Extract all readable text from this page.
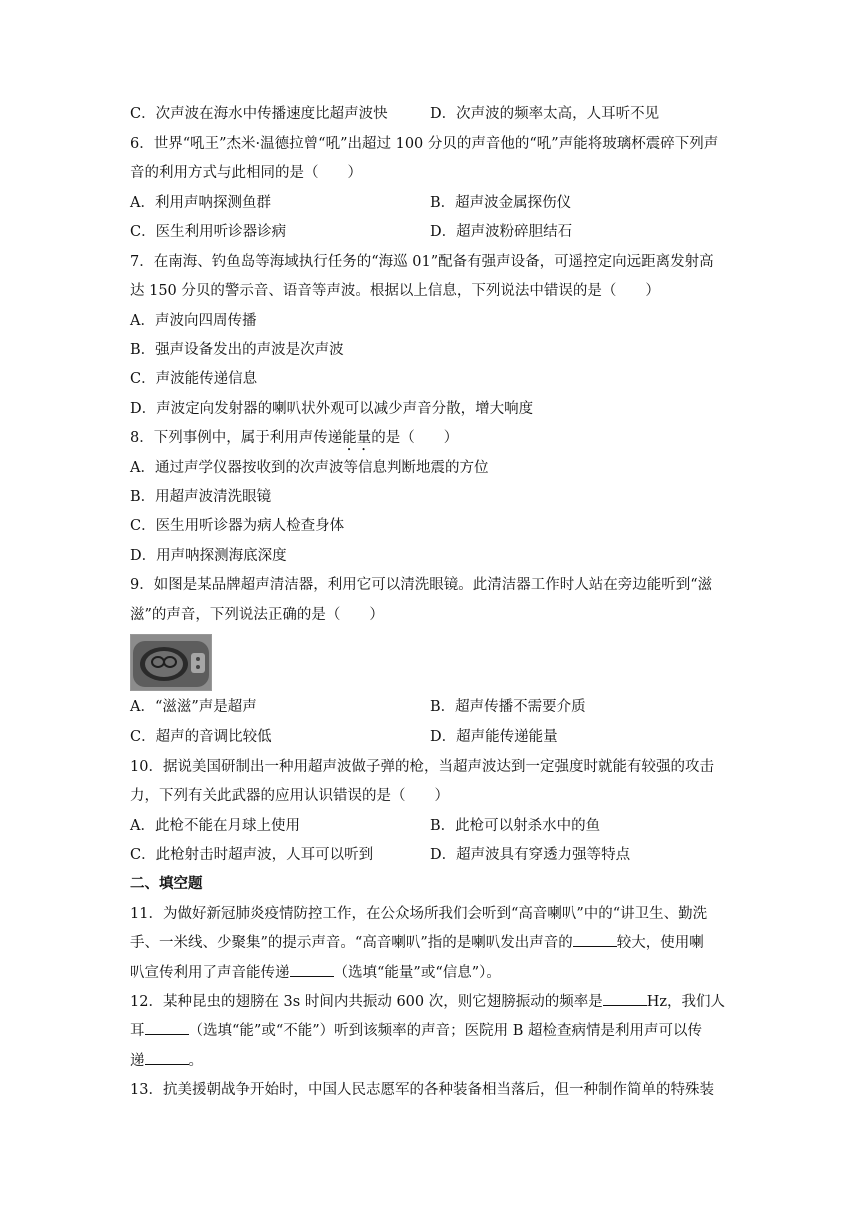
C．次声波在海水中传播速度比超声波快	D．次声波的频率太高，人耳听不见
6．世界“吼王”杰米·温德拉曾“吼”出超过 100 分贝的声音他的“吼”声能将玻璃杯震碎下列声
音的利用方式与此相同的是（　　）
A．利用声呐探测鱼群	B．超声波金属探伤仪
C．医生利用听诊器诊病	D．超声波粉碎胆结石
7．在南海、钓鱼岛等海域执行任务的“海巡 01”配备有强声设备，可遥控定向远距离发射高
达 150 分贝的警示音、语音等声波。根据以上信息，下列说法中错误的是（　　）
A．声波向四周传播
B．强声设备发出的声波是次声波
C．声波能传递信息
D．声波定向发射器的喇叭状外观可以减少声音分散，增大响度
8．下列事例中，属于利用声传递能量的是（　　）
A．通过声学仪器按收到的次声波等信息判断地震的方位
B．用超声波清洗眼镜
C．医生用听诊器为病人检查身体
D．用声呐探测海底深度
9．如图是某品牌超声清洁器，利用它可以清洗眼镜。此清洁器工作时人站在旁边能听到“滋
滋”的声音，下列说法正确的是（　　）
A．“滋滋”声是超声	B．超声传播不需要介质
C．超声的音调比较低	D．超声能传递能量
10．据说美国研制出一种用超声波做子弹的枪，当超声波达到一定强度时就能有较强的攻击
力，下列有关此武器的应用认识错误的是（　　）
A．此枪不能在月球上使用	B．此枪可以射杀水中的鱼
C．此枪射击时超声波，人耳可以听到	D．超声波具有穿透力强等特点
二、填空题
11．为做好新冠肺炎疫情防控工作，在公众场所我们会听到“高音喇叭”中的“讲卫生、勤洗
手、一米线、少聚集”的提示声音。“高音喇叭”指的是喇叭发出声音的	较大，使用喇
叭宣传利用了声音能传递	（选填“能量”或“信息”）。
12．某种昆虫的翅膀在 3s 时间内共振动 600 次，则它翅膀振动的频率是	Hz，我们人
耳	（选填“能”或“不能”）听到该频率的声音；医院用 B 超检查病情是利用声可以传
递	。
13．抗美援朝战争开始时，中国人民志愿军的各种装备相当落后，但一种制作简单的特殊装
